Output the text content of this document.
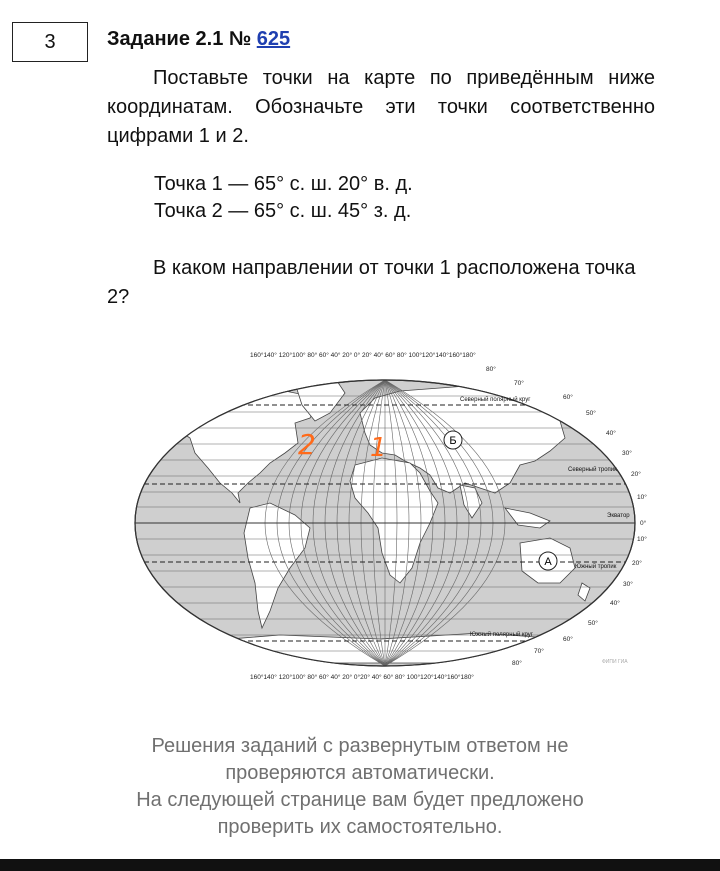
3	Задание 2.1 № 625
Поставьте точки на карте по приведённым ниже координатам. Обозначьте эти точки соответственно цифрами 1 и 2.
Точка 1 — 65° с. ш. 20° в. д.
Точка 2 — 65° с. ш. 45° з. д.
В каком направлении от точки 1 расположена точка 2?
160°140° 120°100° 80° 60° 40° 20° 0° 20° 40° 60° 80° 100°120°140°160°180°
160°140° 120°100° 80° 60° 40° 20° 0°20° 40° 60° 80° 100°120°140°160°180°
80°
70°
60°
50°
40°
30°
20°
10°
0°
10°
20°
30°
40°
50°
60°
70°
80°
Северный полярный круг
Северный тропик
Экватор
Южный тропик
Южный полярный круг
ФИПИ ГИА
Б
А
2 1
Решения заданий с развернутым ответом не
проверяются автоматически.
На следующей странице вам будет предложено
проверить их самостоятельно.
